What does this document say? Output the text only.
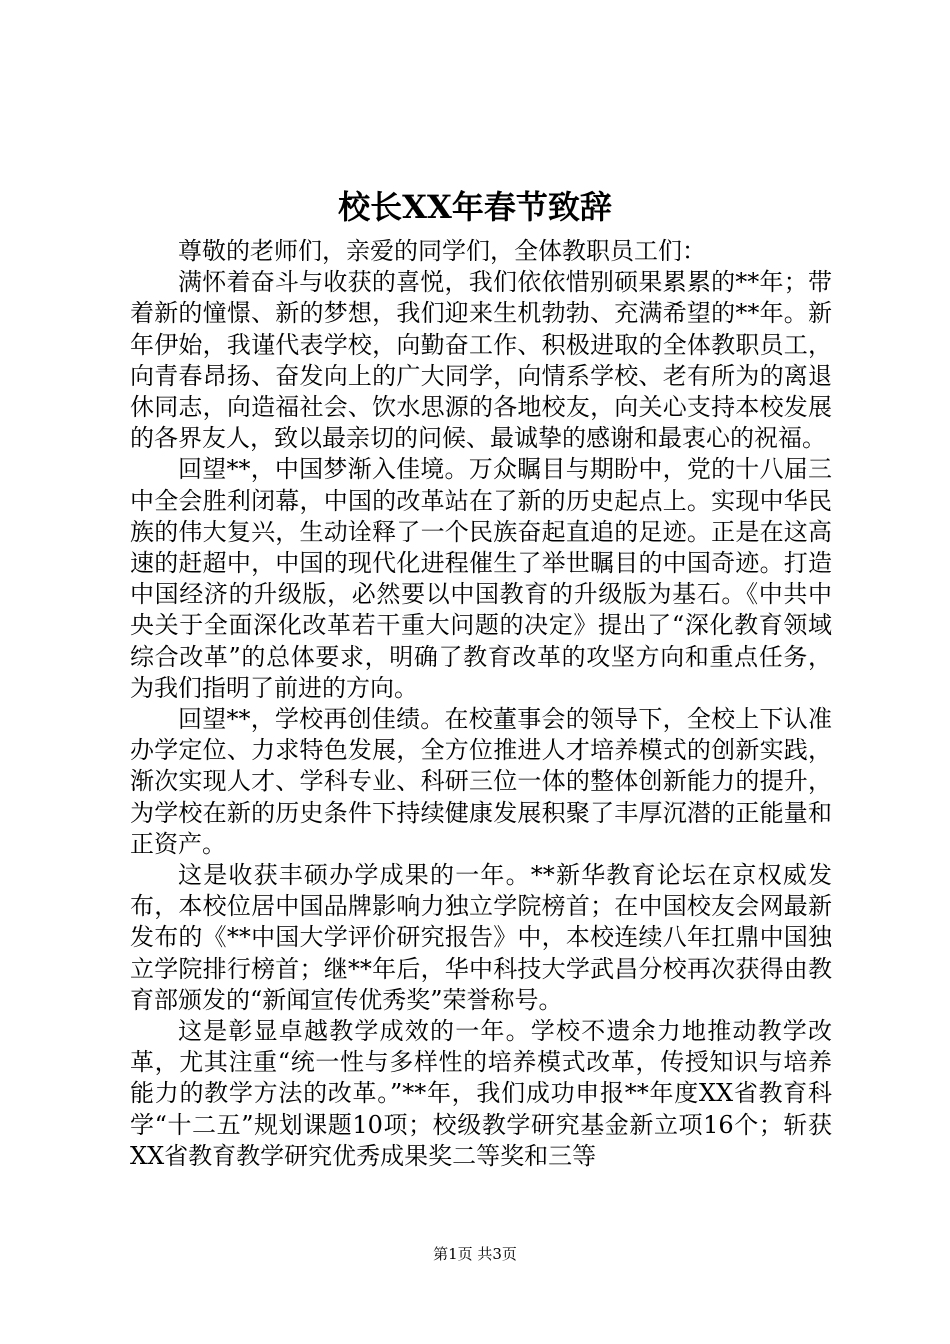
校长XX年春节致辞

尊敬的老师们，亲爱的同学们，全体教职员工们：

满怀着奋斗与收获的喜悦，我们依依惜别硕果累累的**年；带着新的憧憬、新的梦想，我们迎来生机勃勃、充满希望的**年。新年伊始，我谨代表学校，向勤奋工作、积极进取的全体教职员工，向青春昂扬、奋发向上的广大同学，向情系学校、老有所为的离退休同志，向造福社会、饮水思源的各地校友，向关心支持本校发展的各界友人，致以最亲切的问候、最诚挚的感谢和最衷心的祝福。

回望**，中国梦渐入佳境。万众瞩目与期盼中，党的十八届三中全会胜利闭幕，中国的改革站在了新的历史起点上。实现中华民族的伟大复兴，生动诠释了一个民族奋起直追的足迹。正是在这高速的赶超中，中国的现代化进程催生了举世瞩目的中国奇迹。打造中国经济的升级版，必然要以中国教育的升级版为基石。《中共中央关于全面深化改革若干重大问题的决定》提出了“深化教育领域综合改革”的总体要求，明确了教育改革的攻坚方向和重点任务，为我们指明了前进的方向。

回望**，学校再创佳绩。在校董事会的领导下，全校上下认准办学定位、力求特色发展，全方位推进人才培养模式的创新实践，渐次实现人才、学科专业、科研三位一体的整体创新能力的提升，为学校在新的历史条件下持续健康发展积聚了丰厚沉潜的正能量和正资产。

这是收获丰硕办学成果的一年。**新华教育论坛在京权威发布，本校位居中国品牌影响力独立学院榜首；在中国校友会网最新发布的《**中国大学评价研究报告》中，本校连续八年扛鼎中国独立学院排行榜首；继**年后，华中科技大学武昌分校再次获得由教育部颁发的“新闻宣传优秀奖”荣誉称号。

这是彰显卓越教学成效的一年。学校不遗余力地推动教学改革，尤其注重“统一性与多样性的培养模式改革，传授知识与培养能力的教学方法的改革。”**年，我们成功申报**年度XX省教育科学“十二五”规划课题10项；校级教学研究基金新立项16个；斩获XX省教育教学研究优秀成果奖二等奖和三等

第1页 共3页
